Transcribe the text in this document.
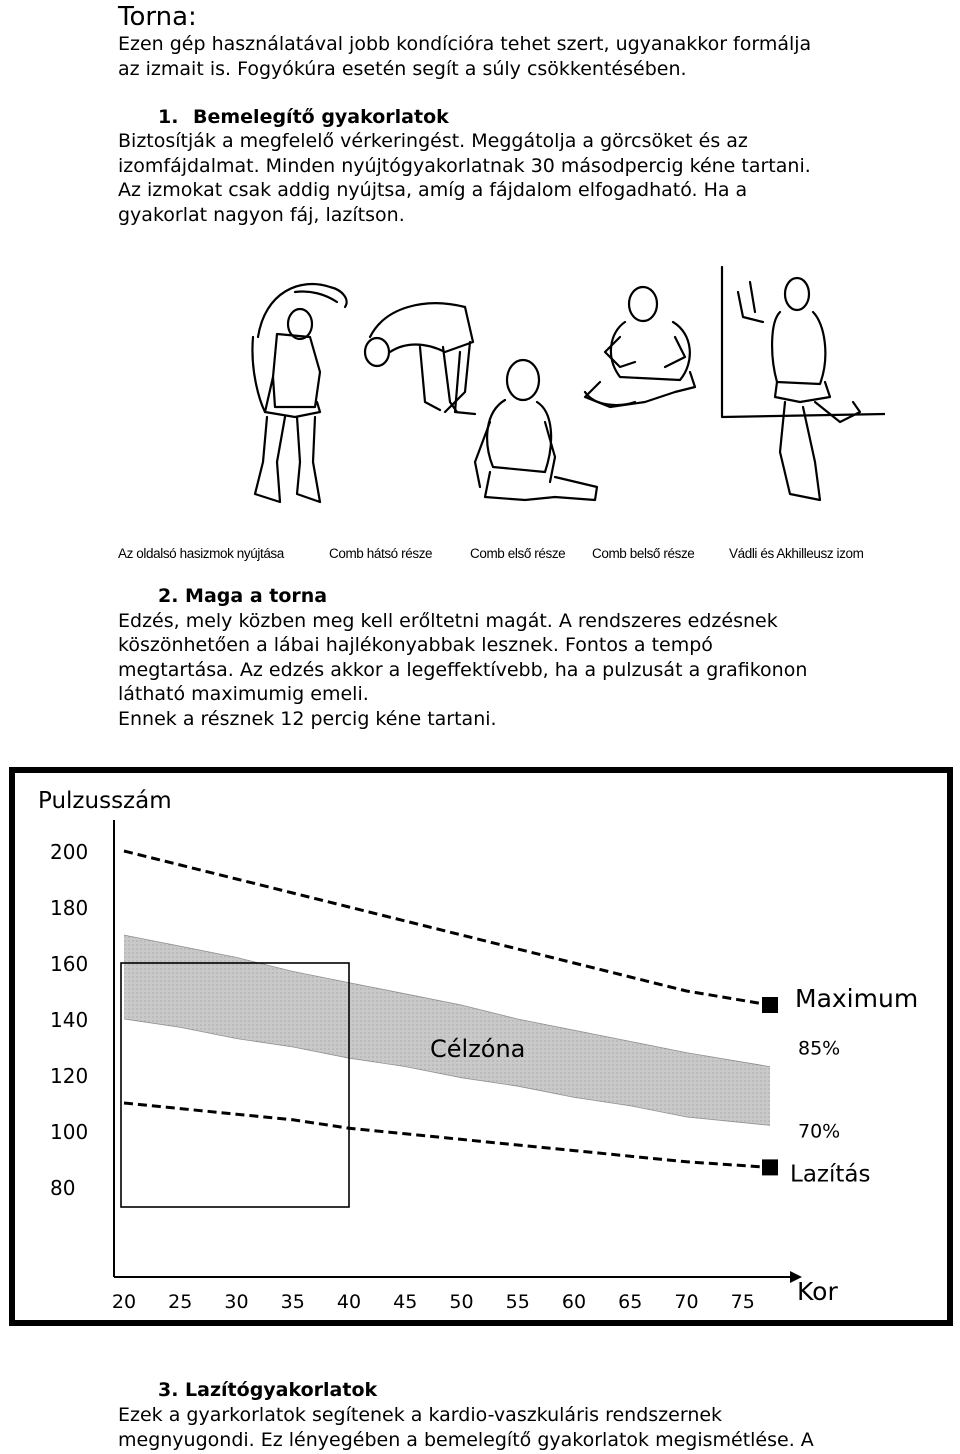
Torna:
Ezen gép használatával jobb kondícióra tehet szert, ugyanakkor formálja
az izmait is. Fogyókúra esetén segít a súly csökkentésében.
1. Bemelegítő gyakorlatok
Biztosítják a megfelelő vérkeringést. Meggátolja a görcsöket és az
izomfájdalmat. Minden nyújtógyakorlatnak 30 másodpercig kéne tartani.
Az izmokat csak addig nyújtsa, amíg a fájdalom elfogadható. Ha a
gyakorlat nagyon fáj, lazítson.
Az oldalsó hasizmok nyújtása	Comb hátsó része	Comb első része Comb belső része	Vádli és Akhilleusz izom
2. Maga a torna
Edzés, mely közben meg kell erőltetni magát. A rendszeres edzésnek
köszönhetően a lábai hajlékonyabbak lesznek. Fontos a tempó
megtartása. Az edzés akkor a legeffektívebb, ha a pulzusát a grafikonon
látható maximumig emeli.
Ennek a résznek 12 percig kéne tartani.
200
180
160
140
120
100
80
20 25 30 35 40 45 50 55 60 65 70 75
Maximum
85%
70%
Lazítás
Pulzusszám
Kor
Célzóna
3. Lazítógyakorlatok
Ezek a gyarkorlatok segítenek a kardio-vaszkuláris rendszernek
megnyugondi. Ez lényegében a bemelegítő gyakorlatok megismétlése. A
